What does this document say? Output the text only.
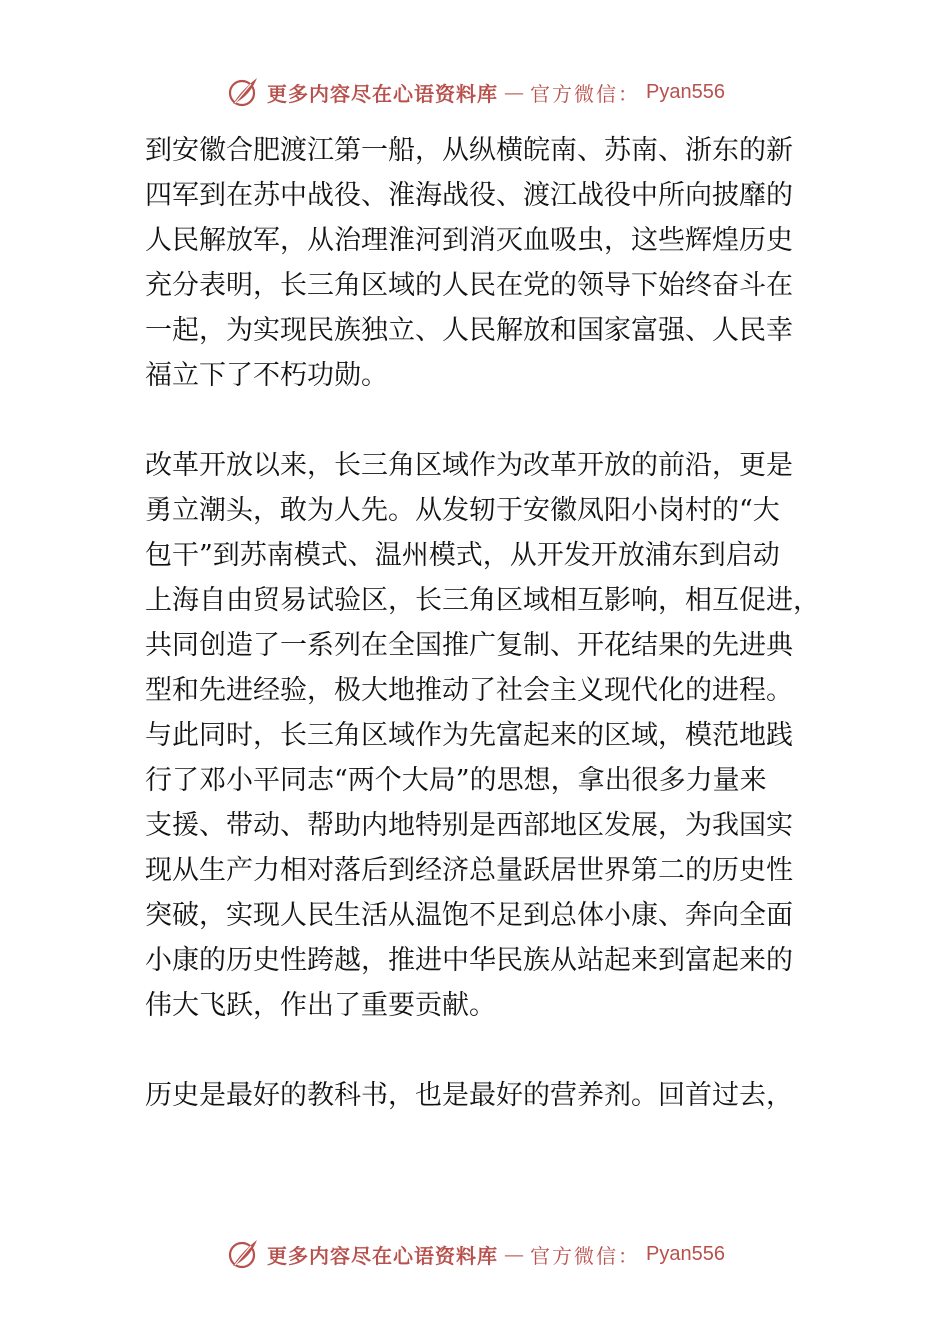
更多内容尽在心语资料库 — 官方微信： Pyan556

到安徽合肥渡江第一船，从纵横皖南、苏南、浙东的新
四军到在苏中战役、淮海战役、渡江战役中所向披靡的
人民解放军，从治理淮河到消灭血吸虫，这些辉煌历史
充分表明，长三角区域的人民在党的领导下始终奋斗在
一起，为实现民族独立、人民解放和国家富强、人民幸
福立下了不朽功勋。

改革开放以来，长三角区域作为改革开放的前沿，更是
勇立潮头，敢为人先。从发轫于安徽凤阳小岗村的“大
包干”到苏南模式、温州模式，从开发开放浦东到启动
上海自由贸易试验区，长三角区域相互影响，相互促进，
共同创造了一系列在全国推广复制、开花结果的先进典
型和先进经验，极大地推动了社会主义现代化的进程。
与此同时，长三角区域作为先富起来的区域，模范地践
行了邓小平同志“两个大局”的思想，拿出很多力量来
支援、带动、帮助内地特别是西部地区发展，为我国实
现从生产力相对落后到经济总量跃居世界第二的历史性
突破，实现人民生活从温饱不足到总体小康、奔向全面
小康的历史性跨越，推进中华民族从站起来到富起来的
伟大飞跃，作出了重要贡献。

历史是最好的教科书，也是最好的营养剂。回首过去，

更多内容尽在心语资料库 — 官方微信： Pyan556
